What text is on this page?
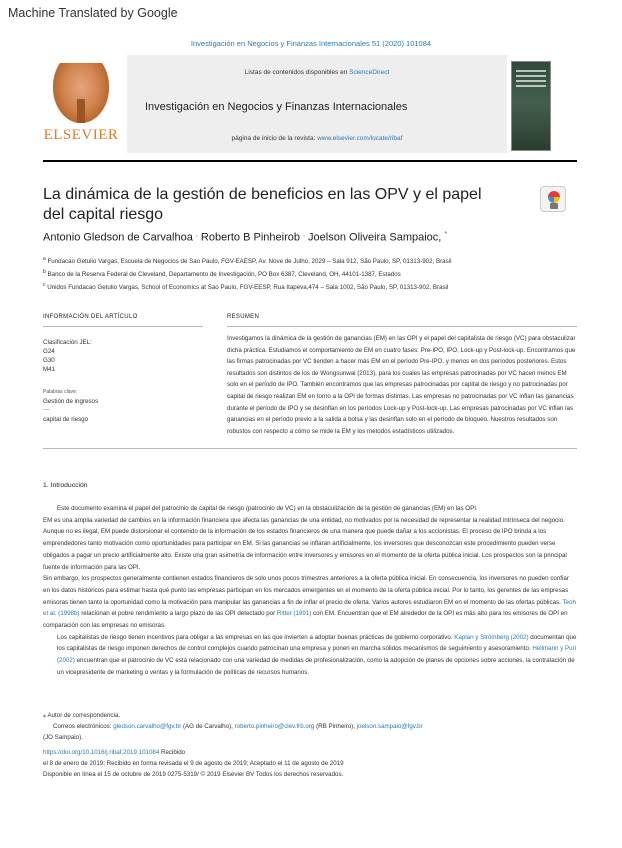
Machine Translated by Google
Investigación en Negocios y Finanzas Internacionales 51 (2020) 101084
ELSEVIER
Listas de contenidos disponibles en ScienceDirect
Investigación en Negocios y Finanzas Internacionales
página de inicio de la revista: www.elsevier.com/locate/ribaf
La dinámica de la gestión de beneficios en las OPV y el papel del capital riesgo
Antonio Gledson de Carvalhoa , Roberto B Pinheirob , Joelson Oliveira Sampaioc, *
$^a$ Fundacao Getulio Vargas, Escuela de Negocios de Sao Paulo, FGV-EAESP, Av. Nove de Julho, 2029 – Sala 912, São Paulo, SP, 01313-902, Brasil
$^b$ Banco de la Reserva Federal de Cleveland, Departamento de Investigación, PO Box 6387, Cleveland, OH, 44101-1387, Estados
$^c$ Unidos Fundacao Getulio Vargas, School of Economics at Sao Paulo, FGV-EESP, Rua Itapeva,474 – Sala 1002, São Paulo, SP, 01313-902, Brasil
INFORMACIÓN DEL ARTÍCULO	RESUMEN
Clasificación JEL:
G24
G30
M41
Palabras clave:
Gestión de ingresos
----
capital de riesgo
Investigamos la dinámica de la gestión de ganancias (EM) en las OPI y el papel del capitalista de riesgo (VC) para obstaculizar dicha práctica. Estudiamos el comportamiento de EM en cuatro fases: Pre-IPO, IPO, Lock-up y Post-lock-up. Encontramos que las firmas patrocinadas por VC tienden a hacer más EM en el período Pre-IPO, y menos en dos períodos posteriores. Estos resultados son distintos de los de Wongsunwai (2013), para los cuales las empresas patrocinadas por VC hacen menos EM solo en el período de IPO. También encontramos que las empresas patrocinadas por capital de riesgo y no patrocinadas por capital de riesgo realizan EM en torno a la OPI de formas distintas. Las empresas no patrocinadas por VC inflan las ganancias durante el período de IPO y se desinflan en los períodos Lock-up y Post-lock-up. Las empresas patrocinadas por VC inflan las ganancias en el período previo a la salida a bolsa y las desinflan solo en el período de bloqueo. Nuestros resultados son robustos con respecto a cómo se mide la EM y los métodos estadísticos utilizados.
1. Introducción

Este documento examina el papel del patrocinio de capital de riesgo (patrocinio de VC) en la obstaculización de la gestión de ganancias (EM) en las OPI.

EM es una amplia variedad de cambios en la información financiera que afecta las ganancias de una entidad, no motivados por la necesidad de representar la realidad intrínseca del negocio. Aunque no es ilegal, EM puede distorsionar el contenido de la información de los estados financieros de una manera que puede dañar a los accionistas. El proceso de IPO brinda a los emprendedores tanto motivación como oportunidades para participar en EM. Si las ganancias se inflaran artificialmente, los inversores que desconozcan este procedimiento pueden verse obligados a pagar un precio artificialmente alto. Existe una gran asimetría de información entre inversores y emisores en el momento de la oferta pública inicial. Los prospectos son la principal fuente de información para las OPI.

Sin embargo, los prospectos generalmente contienen estados financieros de solo unos pocos trimestres anteriores a la oferta pública inicial. En consecuencia, los inversores no pueden confiar en los datos históricos para estimar hasta qué punto las empresas participan en los mercados emergentes en el momento de la oferta pública inicial. Por lo tanto, los gerentes de las empresas emisoras tienen tanto la oportunidad como la motivación para manipular las ganancias a fin de inflar el precio de oferta. Varios autores estudiaron EM en el momento de las ofertas públicas. Teoh et al. (1998b) relacionan el pobre rendimiento a largo plazo de las OPI detectado por Ritter (1991) con EM. Encuentran que el EM alrededor de la OPI es más alto para los emisores de OPI en comparación con las empresas no emisoras.

Los capitalistas de riesgo tienen incentivos para obligar a las empresas en las que invierten a adoptar buenas prácticas de gobierno corporativo. Kaplan y Strömberg (2002) documentan que los capitalistas de riesgo imponen derechos de control complejos cuando patrocinan una empresa y ponen en marcha sólidos mecanismos de seguimiento y asesoramiento. Hellmann y Puri (2002) encuentran que el patrocinio de VC está relacionado con una variedad de medidas de profesionalización, como la adopción de planes de opciones sobre acciones, la contratación de un vicepresidente de marketing o ventas y la formulación de políticas de recursos humanos.

⁎ Autor de correspondencia.
Correos electrónicos: gledson.carvalho@fgv.br (AG de Carvalho), roberto.pinheiro@clev.frb.org (RB Pinheiro), joelson.sampaio@fgv.br
(JO Sampaio).
https://doi.org/10.1016/j.ribaf.2019.101084 Recibido
el 8 de enero de 2019; Recibido en forma revisada el 9 de agosto de 2019; Aceptado el 11 de agosto de 2019
Disponible en línea el 15 de octubre de 2019 0275-5319/ © 2019 Elsevier BV Todos los derechos reservados.
